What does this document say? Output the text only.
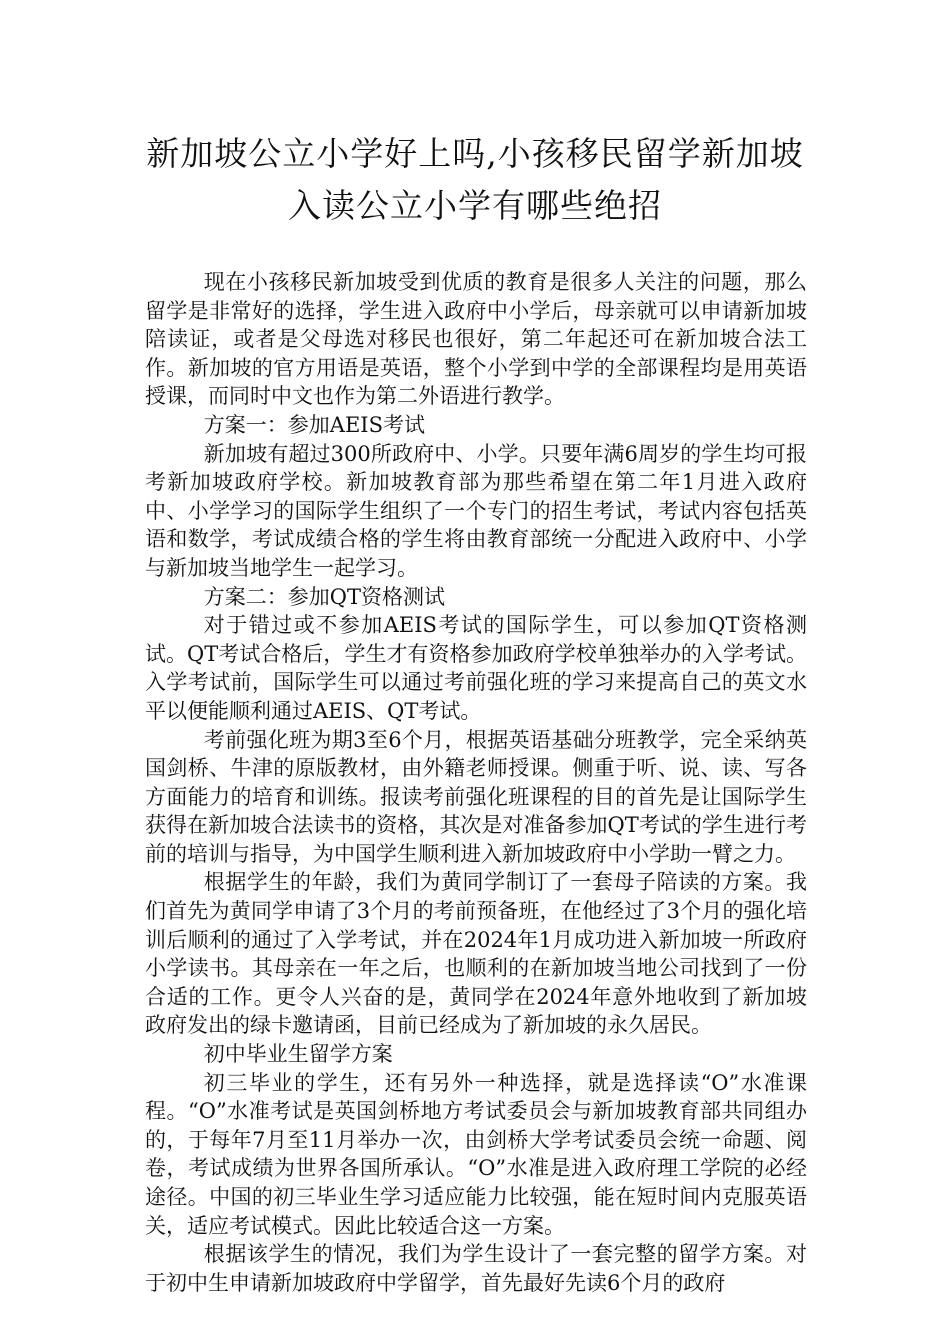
新加坡公立小学好上吗,小孩移民留学新加坡入读公立小学有哪些绝招

现在小孩移民新加坡受到优质的教育是很多人关注的问题，那么留学是非常好的选择，学生进入政府中小学后，母亲就可以申请新加坡陪读证，或者是父母选对移民也很好，第二年起还可在新加坡合法工作。新加坡的官方用语是英语，整个小学到中学的全部课程均是用英语授课，而同时中文也作为第二外语进行教学。

方案一：参加AEIS考试

新加坡有超过300所政府中、小学。只要年满6周岁的学生均可报考新加坡政府学校。新加坡教育部为那些希望在第二年1月进入政府中、小学学习的国际学生组织了一个专门的招生考试，考试内容包括英语和数学，考试成绩合格的学生将由教育部统一分配进入政府中、小学与新加坡当地学生一起学习。

方案二：参加QT资格测试

对于错过或不参加AEIS考试的国际学生，可以参加QT资格测试。QT考试合格后，学生才有资格参加政府学校单独举办的入学考试。入学考试前，国际学生可以通过考前强化班的学习来提高自己的英文水平以便能顺利通过AEIS、QT考试。

考前强化班为期3至6个月，根据英语基础分班教学，完全采纳英国剑桥、牛津的原版教材，由外籍老师授课。侧重于听、说、读、写各方面能力的培育和训练。报读考前强化班课程的目的首先是让国际学生获得在新加坡合法读书的资格，其次是对准备参加QT考试的学生进行考前的培训与指导，为中国学生顺利进入新加坡政府中小学助一臂之力。

根据学生的年龄，我们为黄同学制订了一套母子陪读的方案。我们首先为黄同学申请了3个月的考前预备班，在他经过了3个月的强化培训后顺利的通过了入学考试，并在2024年1月成功进入新加坡一所政府小学读书。其母亲在一年之后，也顺利的在新加坡当地公司找到了一份合适的工作。更令人兴奋的是，黄同学在2024年意外地收到了新加坡政府发出的绿卡邀请函，目前已经成为了新加坡的永久居民。

初中毕业生留学方案

初三毕业的学生，还有另外一种选择，就是选择读“O”水准课程。“O”水准考试是英国剑桥地方考试委员会与新加坡教育部共同组办的，于每年7月至11月举办一次，由剑桥大学考试委员会统一命题、阅卷，考试成绩为世界各国所承认。“O”水准是进入政府理工学院的必经途径。中国的初三毕业生学习适应能力比较强，能在短时间内克服英语关，适应考试模式。因此比较适合这一方案。

根据该学生的情况，我们为学生设计了一套完整的留学方案。对于初中生申请新加坡政府中学留学，首先最好先读6个月的政府
